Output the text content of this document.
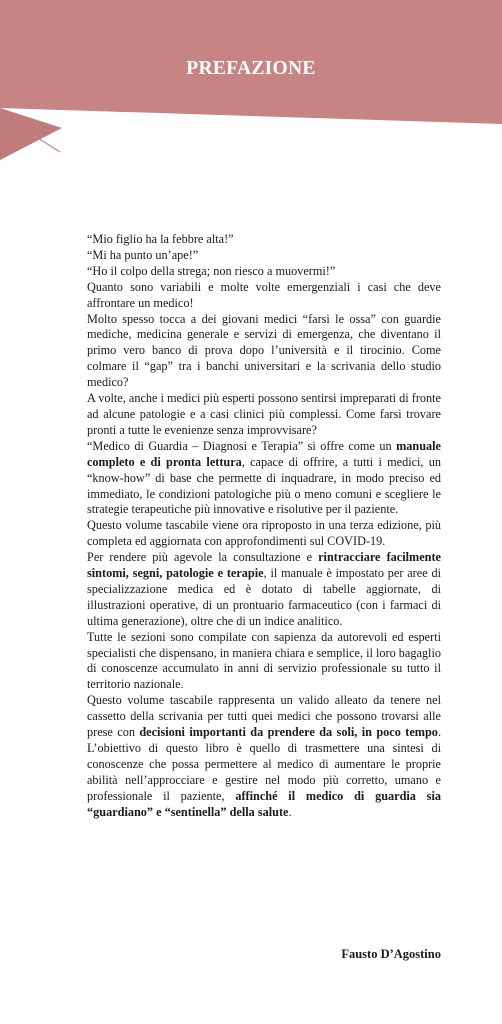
PREFAZIONE

“Mio figlio ha la febbre alta!”

“Mi ha punto un’ape!”

“Ho il colpo della strega; non riesco a muovermi!”

Quanto sono variabili e molte volte emergenziali i casi che deve affrontare un medico!

Molto spesso tocca a dei giovani medici “farsi le ossa” con guardie mediche, medicina generale e servizi di emergenza, che diventano il primo vero banco di prova dopo l’università e il tirocinio. Come colmare il “gap” tra i banchi universitari e la scrivania dello studio medico?

A volte, anche i medici più esperti possono sentirsi impreparati di fronte ad alcune patologie e a casi clinici più complessi. Come farsi trovare pronti a tutte le evenienze senza improvvisare?

“Medico di Guardia – Diagnosi e Terapia” si offre come un manuale completo e di pronta lettura, capace di offrire, a tutti i medici, un “know-how” di base che permette di inquadrare, in modo preciso ed immediato, le condizioni patologiche più o meno comuni e scegliere le strategie terapeutiche più innovative e risolutive per il paziente.

Questo volume tascabile viene ora riproposto in una terza edizione, più completa ed aggiornata con approfondimenti sul COVID-19.

Per rendere più agevole la consultazione e rintracciare facilmente sintomi, segni, patologie e terapie, il manuale è impostato per aree di specializzazione medica ed è dotato di tabelle aggiornate, di illustrazioni operative, di un prontuario farmaceutico (con i farmaci di ultima generazione), oltre che di un indice analitico.

Tutte le sezioni sono compilate con sapienza da autorevoli ed esperti specialisti che dispensano, in maniera chiara e semplice, il loro bagaglio di conoscenze accumulato in anni di servizio professionale su tutto il territorio nazionale.

Questo volume tascabile rappresenta un valido alleato da tenere nel cassetto della scrivania per tutti quei medici che possono trovarsi alle prese con decisioni importanti da prendere da soli, in poco tempo. L’obiettivo di questo libro è quello di trasmettere una sintesi di conoscenze che possa permettere al medico di aumentare le proprie abilità nell’approcciare e gestire nel modo più corretto, umano e professionale il paziente, affinché il medico di guardia sia “guardiano” e “sentinella” della salute.

Fausto D’Agostino
